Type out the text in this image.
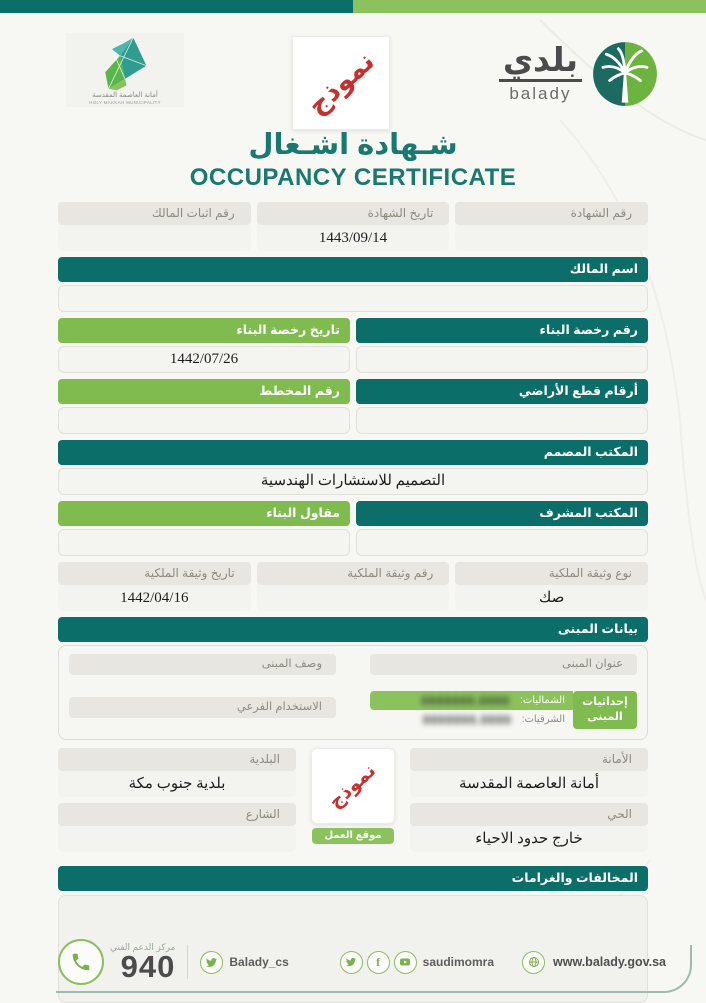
أمانة العاصمة المقدسة
HOLY MAKKAH MUNICIPALITY	نموذج	بلدي
balady
شـهادة اشـغال
OCCUPANCY CERTIFICATE
رقم الشهادة
تاريخ الشهادة
1443/09/14
رقم اثبات المالك
اسم المالك
رقم رخصة البناء
تاريخ رخصة البناء
1442/07/26
أرقام قطع الأراضي
رقم المخطط
المكتب المصمم
التصميم للاستشارات الهندسية
المكتب المشرف
مقاول البناء
نوع وثيقة الملكية
صك
رقم وثيقة الملكية
تاريخ وثيقة الملكية
1442/04/16
بيانات المبنى
عنوان المبنى
وصف المبنى
إحداثيات المبنى
الشماليات:
0000000.0000
الشرقيات:
0000000.0000
الاستخدام الفرعي
الأمانة
أمانة العاصمة المقدسة
الحي
خارج حدود الاحياء
نموذج
موقع العمل
البلدية
بلدية جنوب مكة
الشارع
المخالفات والغرامات
مركز الدعم الفني
940	Balady_cs	f	saudimomra	www.balady.gov.sa
